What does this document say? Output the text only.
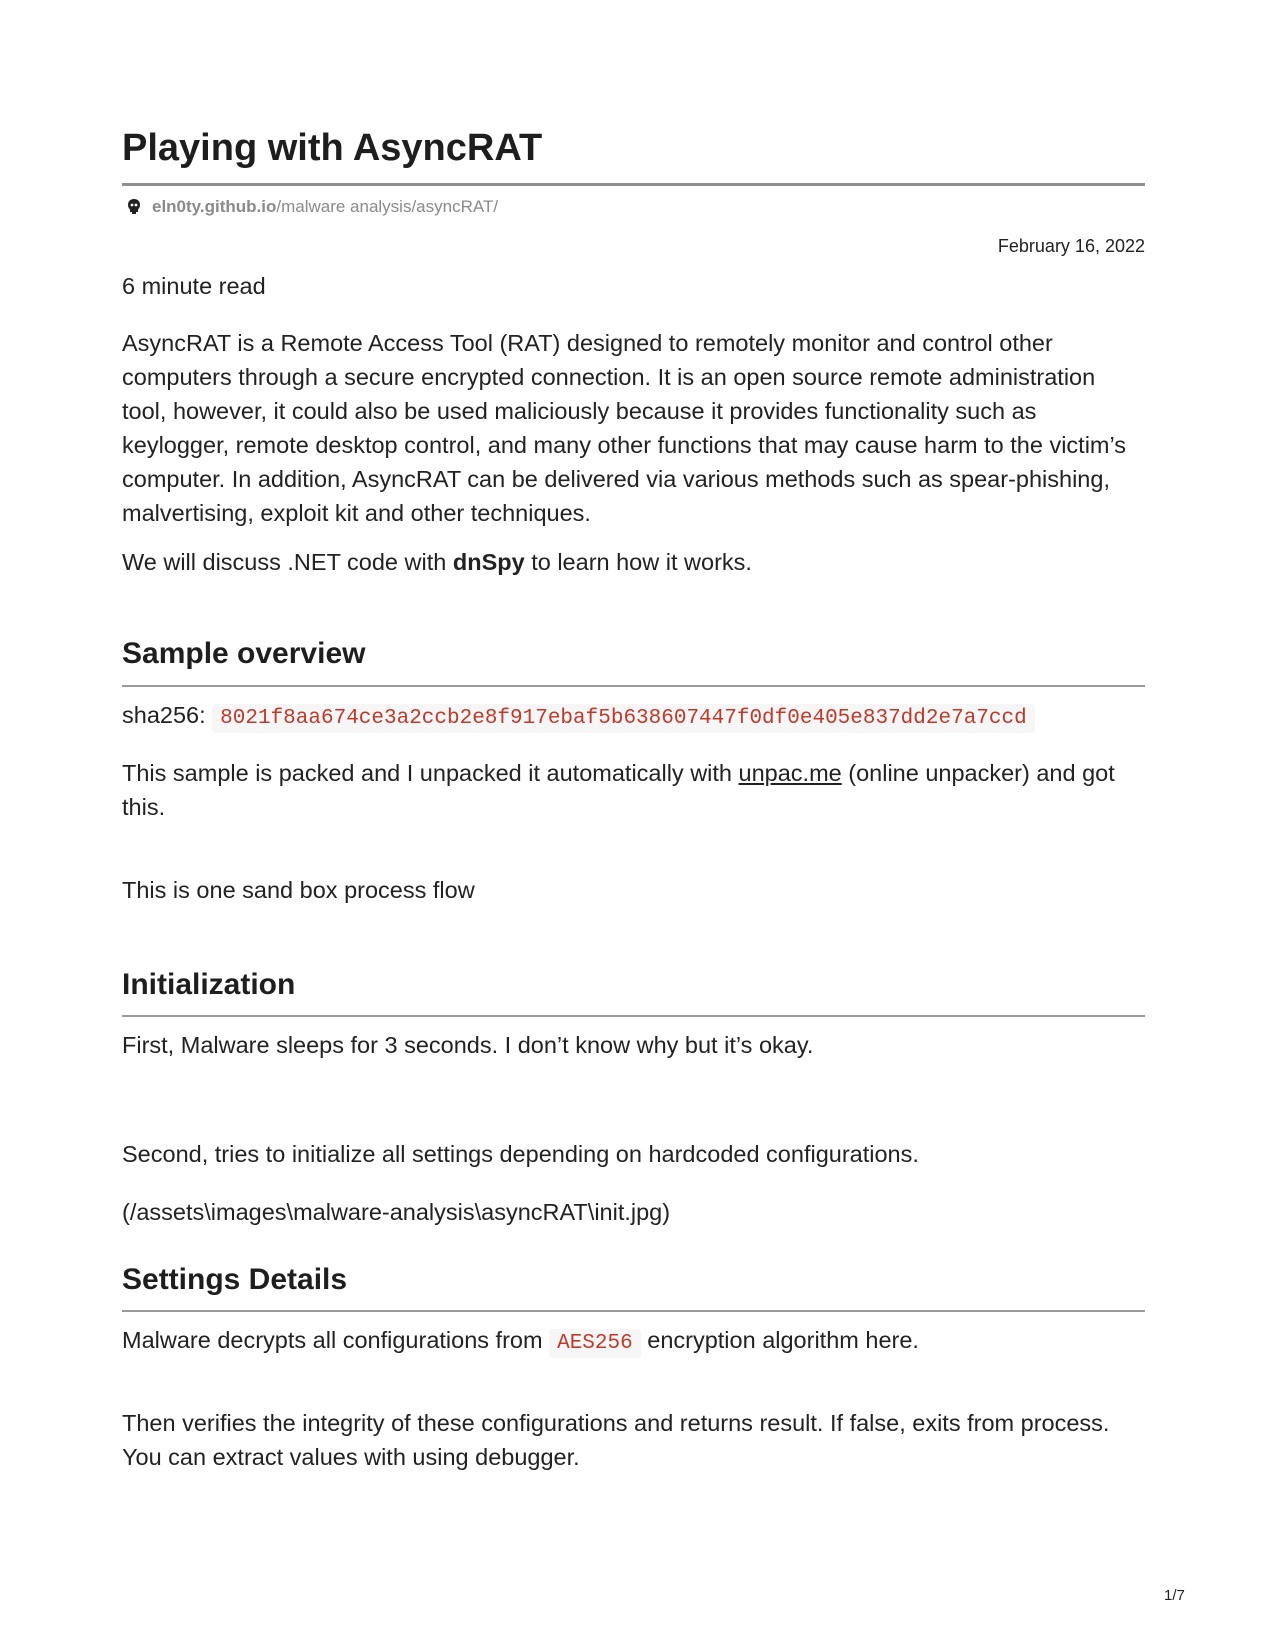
Playing with AsyncRAT
eln0ty.github.io /malware analysis/asyncRAT/
February 16, 2022

6 minute read

AsyncRAT is a Remote Access Tool (RAT) designed to remotely monitor and control other computers through a secure encrypted connection. It is an open source remote administration tool, however, it could also be used maliciously because it provides functionality such as keylogger, remote desktop control, and many other functions that may cause harm to the victim’s computer. In addition, AsyncRAT can be delivered via various methods such as spear-phishing, malvertising, exploit kit and other techniques.

We will discuss .NET code with dnSpy to learn how it works.

Sample overview

sha256: 8021f8aa674ce3a2ccb2e8f917ebaf5b638607447f0df0e405e837dd2e7a7ccd

This sample is packed and I unpacked it automatically with unpac.me (online unpacker) and got this.

This is one sand box process flow

Initialization

First, Malware sleeps for 3 seconds. I don’t know why but it’s okay.

Second, tries to initialize all settings depending on hardcoded configurations.

(/assets\images\malware-analysis\asyncRAT\init.jpg)

Settings Details

Malware decrypts all configurations from AES256 encryption algorithm here.

Then verifies the integrity of these configurations and returns result. If false, exits from process. You can extract values with using debugger.

1/7
